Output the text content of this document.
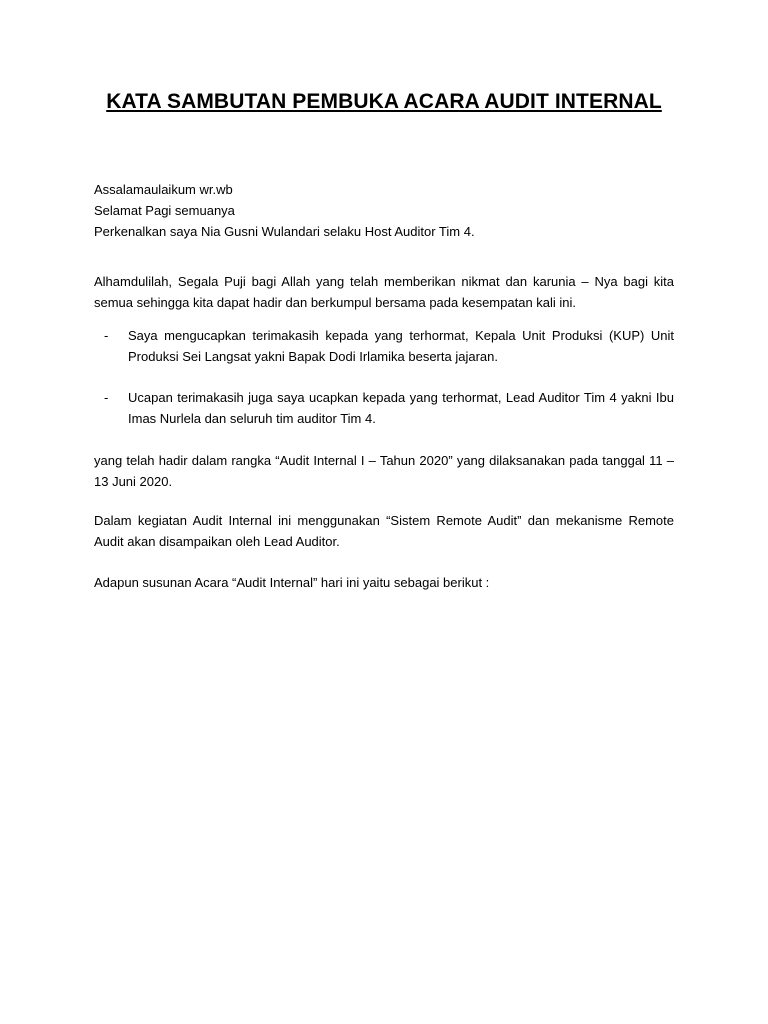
KATA SAMBUTAN PEMBUKA ACARA AUDIT INTERNAL
Assalamaulaikum wr.wb
Selamat Pagi semuanya
Perkenalkan saya Nia Gusni Wulandari selaku Host Auditor Tim 4.
Alhamdulilah, Segala Puji bagi Allah yang telah memberikan nikmat dan karunia – Nya bagi kita semua sehingga kita dapat hadir dan berkumpul bersama pada kesempatan kali ini.
-	Saya mengucapkan terimakasih kepada yang terhormat, Kepala Unit Produksi (KUP) Unit Produksi Sei Langsat yakni Bapak Dodi Irlamika beserta jajaran.
-	Ucapan terimakasih juga saya ucapkan kepada yang terhormat, Lead Auditor Tim 4 yakni Ibu Imas Nurlela dan seluruh tim auditor Tim 4.
yang telah hadir dalam rangka “Audit Internal I – Tahun 2020” yang dilaksanakan pada tanggal 11 – 13 Juni 2020.
Dalam kegiatan Audit Internal ini menggunakan “Sistem Remote Audit” dan mekanisme Remote Audit akan disampaikan oleh Lead Auditor.
Adapun susunan Acara “Audit Internal” hari ini yaitu sebagai berikut :
